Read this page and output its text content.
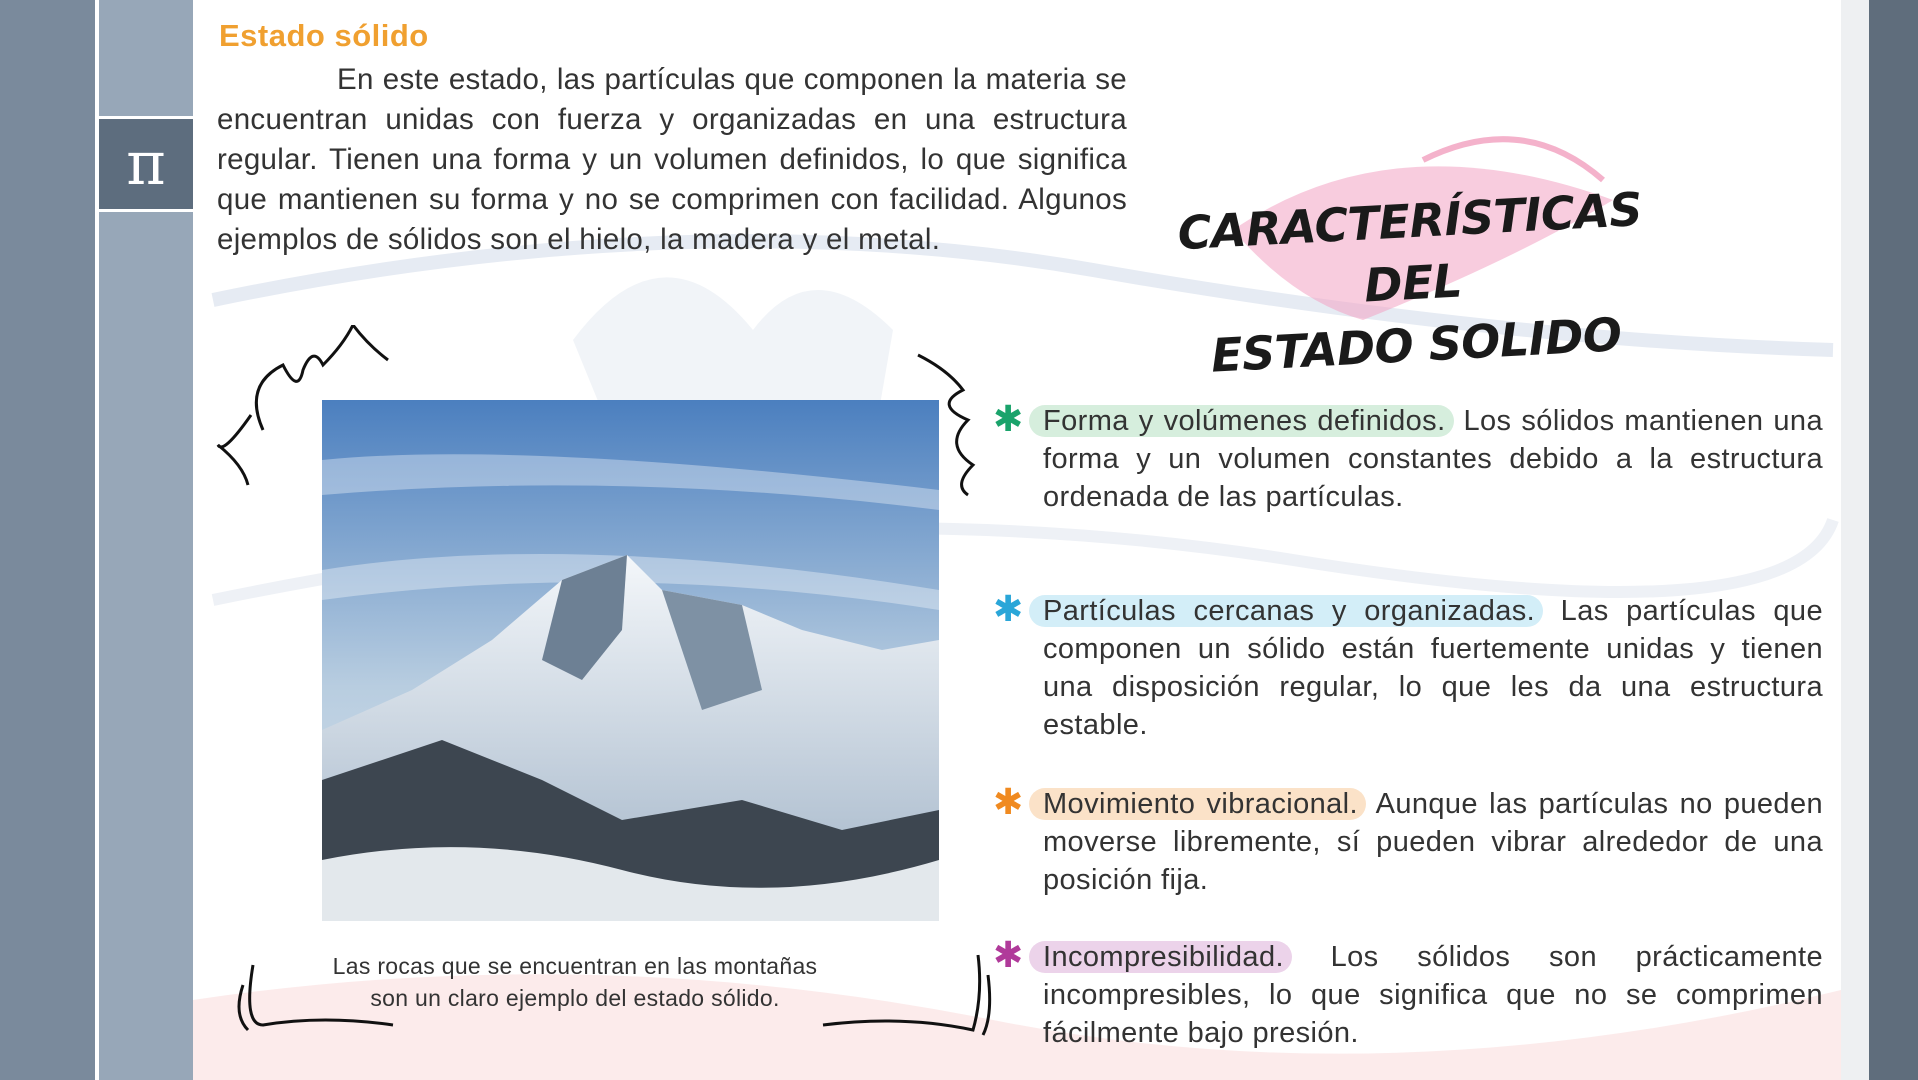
π
Estado sólido

En este estado, las partículas que componen la materia se encuentran unidas con fuerza y organizadas en una estructura regular. Tienen una forma y un volumen definidos, lo que significa que mantienen su forma y no se comprimen con facilidad. Algunos ejemplos de sólidos son el hielo, la madera y el metal.	CARACTERÍSTICAS DEL
ESTADO SOLIDO
Las rocas que se encuentran en las montañas
son un claro ejemplo del estado sólido.
✱ Forma y volúmenes definidos. Los sólidos mantienen una forma y un volumen constantes debido a la estructura ordenada de las partículas.

✱ Partículas cercanas y organizadas. Las partículas que componen un sólido están fuertemente unidas y tienen una disposición regular, lo que les da una estructura estable.

✱ Movimiento vibracional. Aunque las partículas no pueden moverse libremente, sí pueden vibrar alrededor de una posición fija.

✱ Incompresibilidad. Los sólidos son prácticamente incompresibles, lo que significa que no se comprimen fácilmente bajo presión.
